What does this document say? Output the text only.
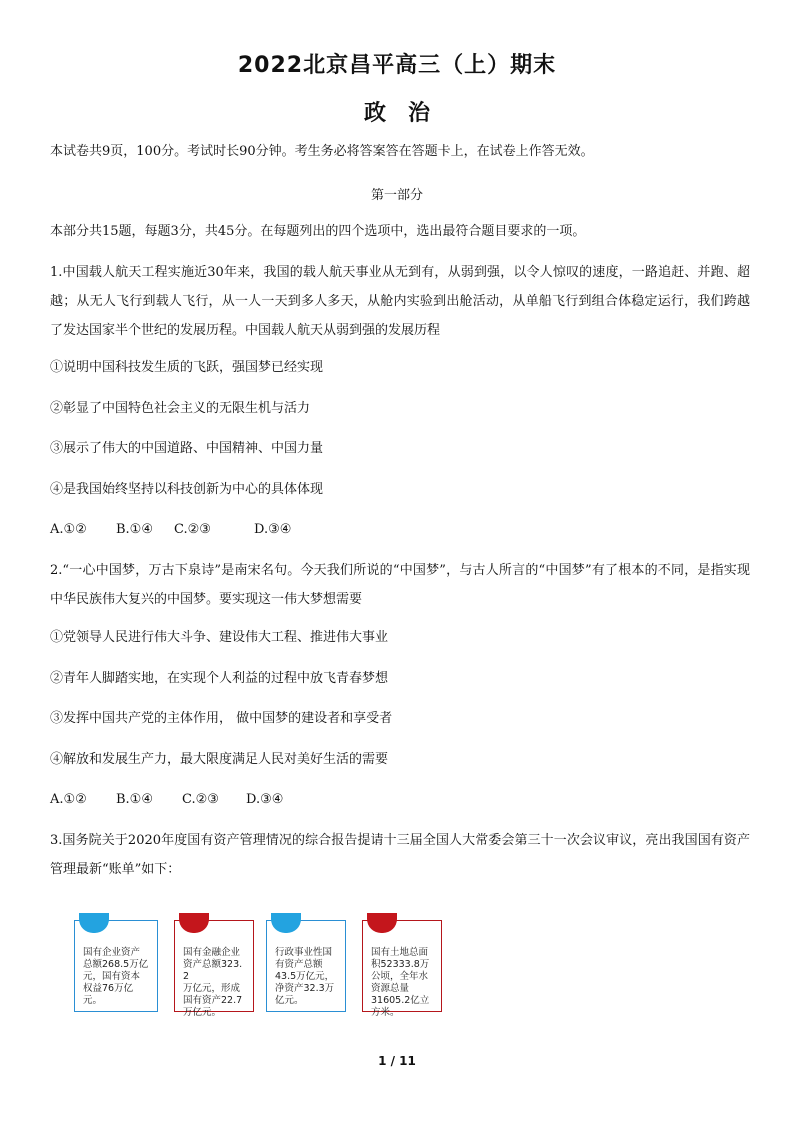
2022北京昌平高三（上）期末
政治
本试卷共9页，100分。考试时长90分钟。考生务必将答案答在答题卡上，在试卷上作答无效。
第一部分
本部分共15题，每题3分，共45分。在每题列出的四个选项中，选出最符合题目要求的一项。
1.中国载人航天工程实施近30年来，我国的载人航天事业从无到有，从弱到强，以令人惊叹的速度，一路追赶、并跑、超越；从无人飞行到载人飞行，从一人一天到多人多天，从舱内实验到出舱活动，从单船飞行到组合体稳定运行，我们跨越了发达国家半个世纪的发展历程。中国载人航天从弱到强的发展历程
①说明中国科技发生质的飞跃，强国梦已经实现
②彰显了中国特色社会主义的无限生机与活力
③展示了伟大的中国道路、中国精神、中国力量
④是我国始终坚持以科技创新为中心的具体体现
A.①② B.①④ C.②③	D.③④
2.“一心中国梦，万古下泉诗”是南宋名句。今天我们所说的“中国梦”，与古人所言的“中国梦”有了根本的不同，是指实现中华民族伟大复兴的中国梦。要实现这一伟大梦想需要
①党领导人民进行伟大斗争、建设伟大工程、推进伟大事业
②青年人脚踏实地，在实现个人利益的过程中放飞青春梦想
③发挥中国共产党的主体作用， 做中国梦的建设者和享受者
④解放和发展生产力，最大限度满足人民对美好生活的需要
A.①② B.①④ C.②③ D.③④
3.国务院关于2020年度国有资产管理情况的综合报告提请十三届全国人大常委会第三十一次会议审议，亮出我国国有资产管理最新“账单”如下：
国有企业资产
总额268.5万亿
元，国有资本
权益76万亿元。
国有金融企业
资产总额323.2
万亿元，形成
国有资产22.7
万亿元。
行政事业性国
有资产总额
43.5万亿元，
净资产32.3万
亿元。
国有土地总面
积52333.8万
公顷，全年水
资源总量
31605.2亿立
方米。
1 / 11
